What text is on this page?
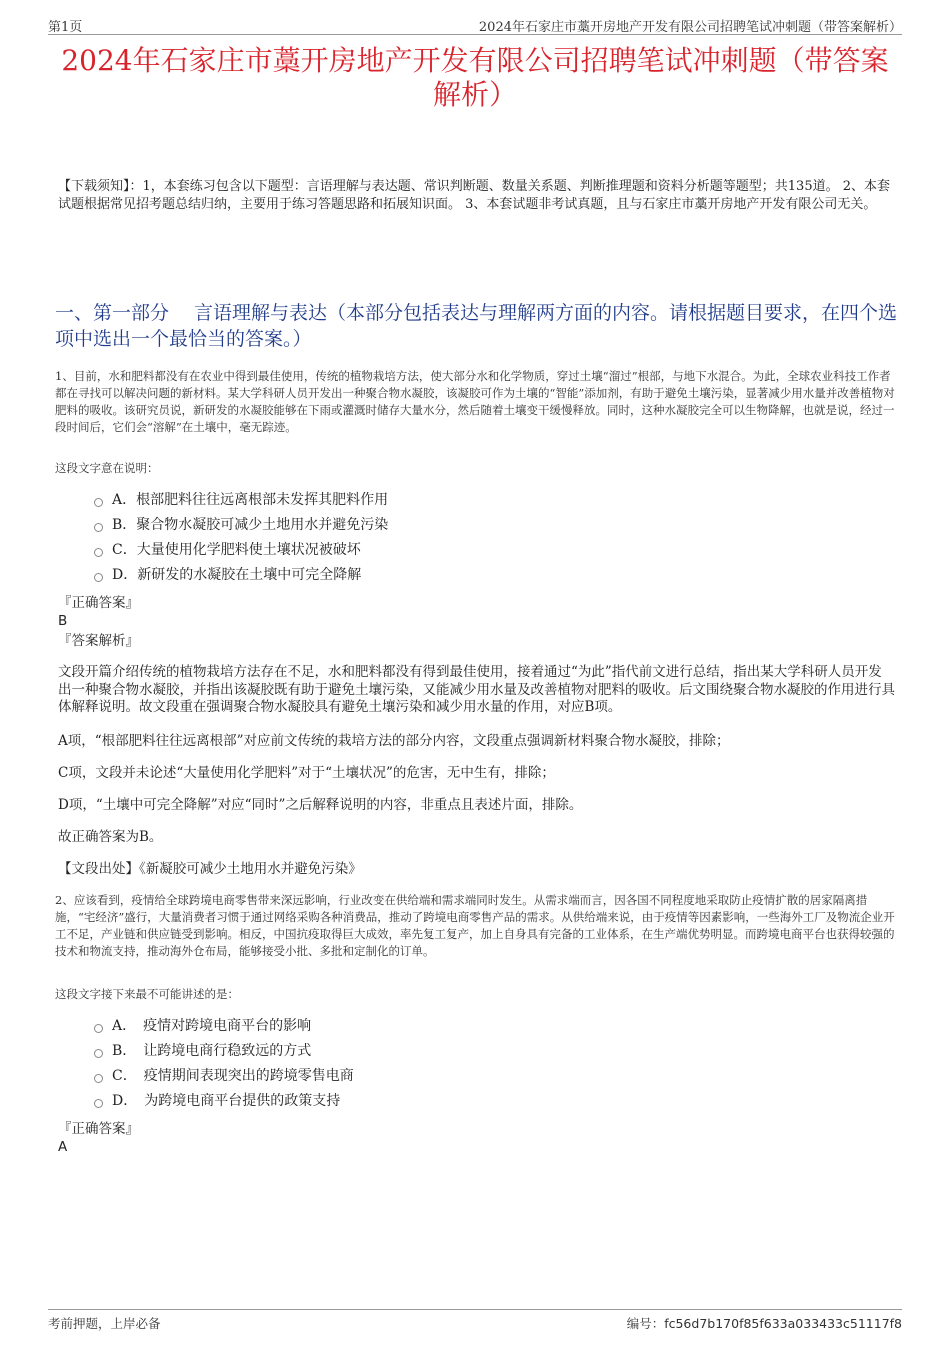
第1页	2024年石家庄市藁开房地产开发有限公司招聘笔试冲刺题（带答案解析）
2024年石家庄市藁开房地产开发有限公司招聘笔试冲刺题（带答案解析）
【下载须知】：1，本套练习包含以下题型：言语理解与表达题、常识判断题、数量关系题、判断推理题和资料分析题等题型；共135道。 2、本套试题根据常见招考题总结归纳，主要用于练习答题思路和拓展知识面。 3、本套试题非考试真题，且与石家庄市藁开房地产开发有限公司无关。
一、第一部分　 言语理解与表达（本部分包括表达与理解两方面的内容。请根据题目要求，在四个选项中选出一个最恰当的答案。）
1、目前，水和肥料都没有在农业中得到最佳使用，传统的植物栽培方法，使大部分水和化学物质，穿过土壤“溜过”根部，与地下水混合。为此，全球农业科技工作者都在寻找可以解决问题的新材料。某大学科研人员开发出一种聚合物水凝胶，该凝胶可作为土壤的“智能”添加剂，有助于避免土壤污染，显著减少用水量并改善植物对肥料的吸收。该研究员说，新研发的水凝胶能够在下雨或灌溉时储存大量水分，然后随着土壤变干缓慢释放。同时，这种水凝胶完全可以生物降解，也就是说，经过一段时间后，它们会“溶解”在土壤中，毫无踪迹。
这段文字意在说明：
A．根部肥料往往远离根部未发挥其肥料作用
B．聚合物水凝胶可减少土地用水并避免污染
C．大量使用化学肥料使土壤状况被破坏
D．新研发的水凝胶在土壤中可完全降解
『正确答案』
B
『答案解析』
文段开篇介绍传统的植物栽培方法存在不足，水和肥料都没有得到最佳使用，接着通过“为此”指代前文进行总结，指出某大学科研人员开发出一种聚合物水凝胶，并指出该凝胶既有助于避免土壤污染，又能减少用水量及改善植物对肥料的吸收。后文围绕聚合物水凝胶的作用进行具体解释说明。故文段重在强调聚合物水凝胶具有避免土壤污染和减少用水量的作用，对应B项。
A项，“根部肥料往往远离根部”对应前文传统的栽培方法的部分内容，文段重点强调新材料聚合物水凝胶，排除；
C项，文段并未论述“大量使用化学肥料”对于“土壤状况”的危害，无中生有，排除；
D项，“土壤中可完全降解”对应“同时”之后解释说明的内容，非重点且表述片面，排除。
故正确答案为B。
【文段出处】《新凝胶可减少土地用水并避免污染》
2、应该看到，疫情给全球跨境电商零售带来深远影响，行业改变在供给端和需求端同时发生。从需求端而言，因各国不同程度地采取防止疫情扩散的居家隔离措施，“宅经济”盛行，大量消费者习惯于通过网络采购各种消费品，推动了跨境电商零售产品的需求。从供给端来说，由于疫情等因素影响，一些海外工厂及物流企业开工不足，产业链和供应链受到影响。相反，中国抗疫取得巨大成效，率先复工复产，加上自身具有完备的工业体系，在生产端优势明显。而跨境电商平台也获得较强的技术和物流支持，推动海外仓布局，能够接受小批、多批和定制化的订单。
这段文字接下来最不可能讲述的是：
A．　疫情对跨境电商平台的影响
B．　让跨境电商行稳致远的方式
C．　疫情期间表现突出的跨境零售电商
D．　为跨境电商平台提供的政策支持
『正确答案』
A
考前押题，上岸必备	编号：fc56d7b170f85f633a033433c51117f8
